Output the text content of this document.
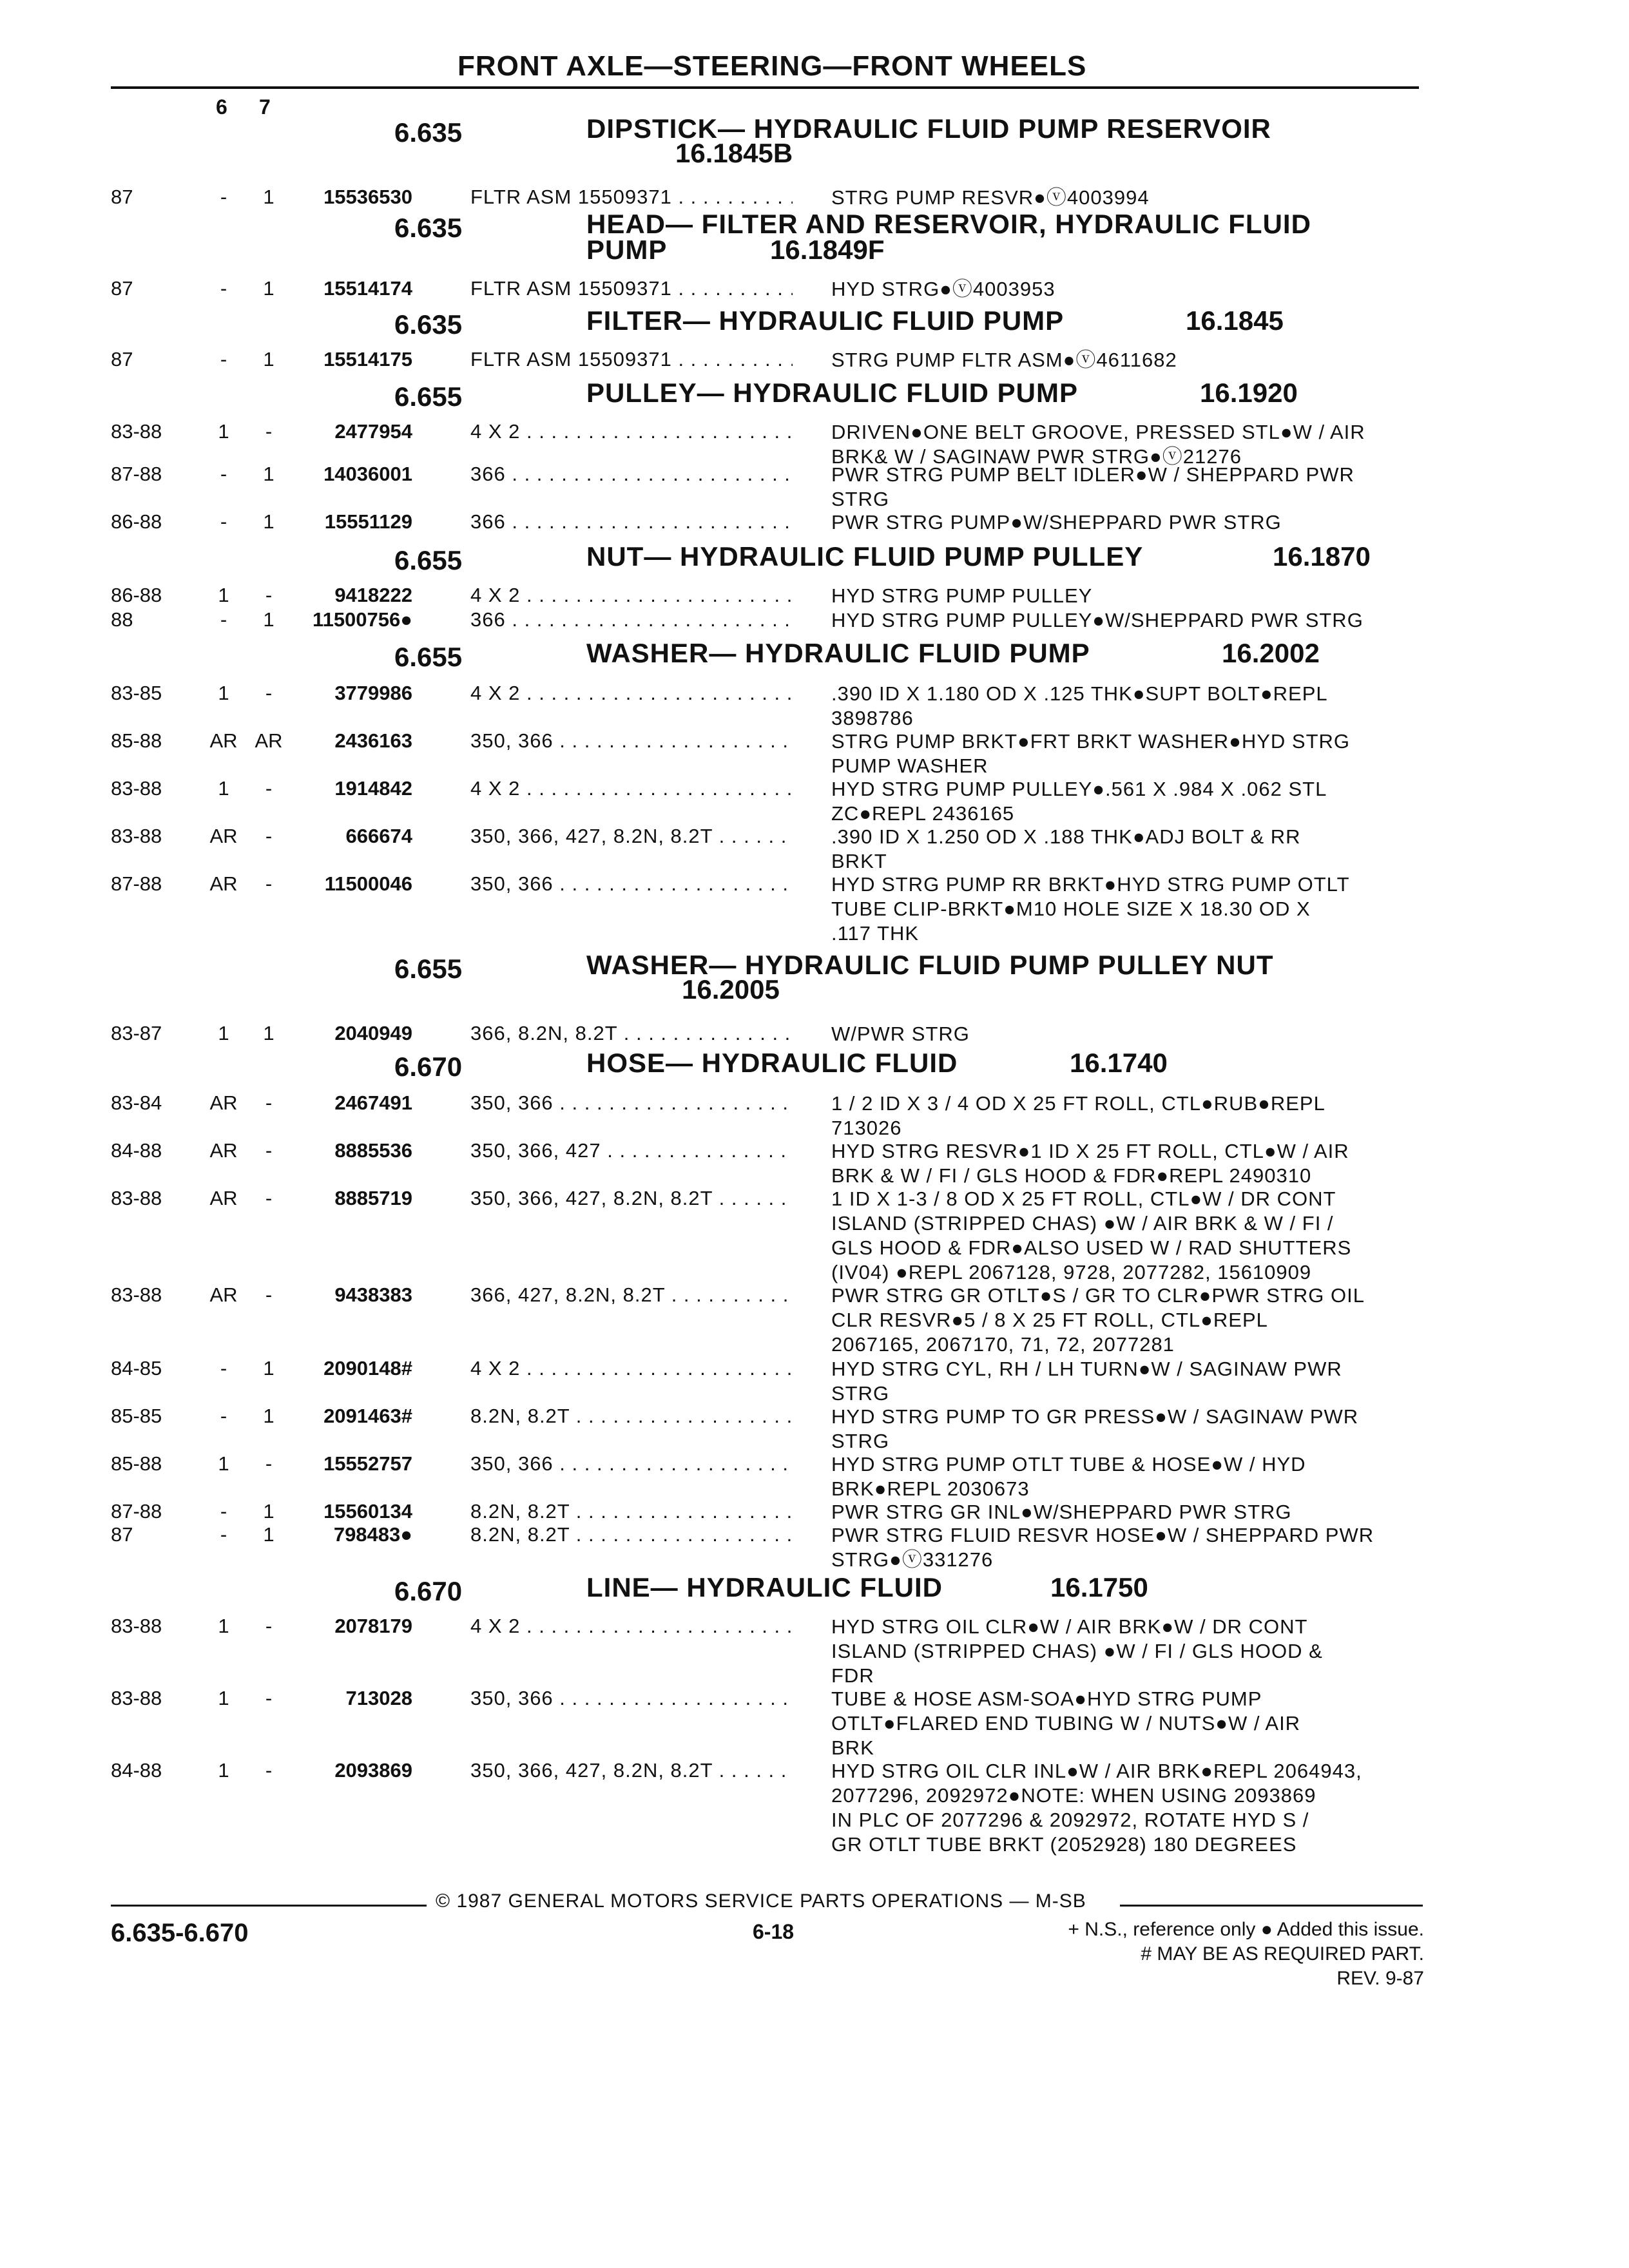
FRONT AXLE—STEERING—FRONT WHEELS
6 7
6.635	DIPSTICK— HYDRAULIC FLUID PUMP RESERVOIR
16.1845B
87	-	1	15536530	FLTR ASM 15509371 . . .	STRG PUMP RESVR●ⓥ4003994
6.635	HEAD— FILTER AND RESERVOIR, HYDRAULIC FLUID
PUMP	16.1849F
87	-	1	15514174	FLTR ASM 15509371 . . .	HYD STRG●ⓥ4003953
6.635	FILTER— HYDRAULIC FLUID PUMP	16.1845
87	-	1	15514175	FLTR ASM 15509371 . . .	STRG PUMP FLTR ASM●ⓥ4611682
6.655	PULLEY— HYDRAULIC FLUID PUMP	16.1920
83-88	1	-	2477954	4 X 2 . . .	DRIVEN●ONE BELT GROOVE, PRESSED STL●W / AIR
BRK& W / SAGINAW PWR STRG●ⓥ21276
87-88	-	1	14036001	366 . . .	PWR STRG PUMP BELT IDLER●W / SHEPPARD PWR
STRG
86-88	-	1	15551129	366 . . .	PWR STRG PUMP●W/SHEPPARD PWR STRG
6.655	NUT— HYDRAULIC FLUID PUMP PULLEY	16.1870
86-88	1	-	9418222	4 X 2 . . .	HYD STRG PUMP PULLEY
88	-	1	11500756●	366 . . .	HYD STRG PUMP PULLEY●W/SHEPPARD PWR STRG
6.655	WASHER— HYDRAULIC FLUID PUMP	16.2002
83-85	1	-	3779986	4 X 2 . . .	.390 ID X 1.180 OD X .125 THK●SUPT BOLT●REPL
3898786
85-88	AR AR	2436163	350, 366 . . .	STRG PUMP BRKT●FRT BRKT WASHER●HYD STRG
PUMP WASHER
83-88	1	-	1914842	4 X 2 . . .	HYD STRG PUMP PULLEY●.561 X .984 X .062 STL
ZC●REPL 2436165
83-88	AR	-	666674	350, 366, 427, 8.2N, 8.2T . . .	.390 ID X 1.250 OD X .188 THK●ADJ BOLT & RR
BRKT
87-88	AR	-	11500046	350, 366 . . .	HYD STRG PUMP RR BRKT●HYD STRG PUMP OTLT
TUBE CLIP-BRKT●M10 HOLE SIZE X 18.30 OD X
.117 THK
6.655	WASHER— HYDRAULIC FLUID PUMP PULLEY NUT
16.2005
83-87	1	1	2040949	366, 8.2N, 8.2T . . .	W/PWR STRG
6.670	HOSE— HYDRAULIC FLUID	16.1740
83-84	AR	-	2467491	350, 366 . . .	1 / 2 ID X 3 / 4 OD X 25 FT ROLL, CTL●RUB●REPL
713026
84-88	AR	-	8885536	350, 366, 427 . . .	HYD STRG RESVR●1 ID X 25 FT ROLL, CTL●W / AIR
BRK & W / FI / GLS HOOD & FDR●REPL 2490310
83-88	AR	-	8885719	350, 366, 427, 8.2N, 8.2T . . .	1 ID X 1-3 / 8 OD X 25 FT ROLL, CTL●W / DR CONT
ISLAND (STRIPPED CHAS) ●W / AIR BRK & W / FI /
GLS HOOD & FDR●ALSO USED W / RAD SHUTTERS
(IV04) ●REPL 2067128, 9728, 2077282, 15610909
83-88	AR	-	9438383	366, 427, 8.2N, 8.2T . . .	PWR STRG GR OTLT●S / GR TO CLR●PWR STRG OIL
CLR RESVR●5 / 8 X 25 FT ROLL, CTL●REPL
2067165, 2067170, 71, 72, 2077281
84-85	-	1	2090148#	4 X 2 . . .	HYD STRG CYL, RH / LH TURN●W / SAGINAW PWR
STRG
85-85	-	1	2091463#	8.2N, 8.2T . . .	HYD STRG PUMP TO GR PRESS●W / SAGINAW PWR
STRG
85-88	1	-	15552757	350, 366 . . .	HYD STRG PUMP OTLT TUBE & HOSE●W / HYD
BRK●REPL 2030673
87-88	-	1	15560134	8.2N, 8.2T . . .	PWR STRG GR INL●W/SHEPPARD PWR STRG
87	-	1	798483●	8.2N, 8.2T . . .	PWR STRG FLUID RESVR HOSE●W / SHEPPARD PWR
STRG●ⓥ331276
6.670	LINE— HYDRAULIC FLUID	16.1750
83-88	1	-	2078179	4 X 2 . . .	HYD STRG OIL CLR●W / AIR BRK●W / DR CONT
ISLAND (STRIPPED CHAS) ●W / FI / GLS HOOD &
FDR
83-88	1	-	713028	350, 366 . . .	TUBE & HOSE ASM-SOA●HYD STRG PUMP
OTLT●FLARED END TUBING W / NUTS●W / AIR
BRK
84-88	1	-	2093869	350, 366, 427, 8.2N, 8.2T . . .	HYD STRG OIL CLR INL●W / AIR BRK●REPL 2064943,
2077296, 2092972●NOTE: WHEN USING 2093869
IN PLC OF 2077296 & 2092972, ROTATE HYD S /
GR OTLT TUBE BRKT (2052928) 180 DEGREES
© 1987 GENERAL MOTORS SERVICE PARTS OPERATIONS — M-SB
6.635-6.670	6-18	+ N.S., reference only ● Added this issue.
# MAY BE AS REQUIRED PART.
REV. 9-87
